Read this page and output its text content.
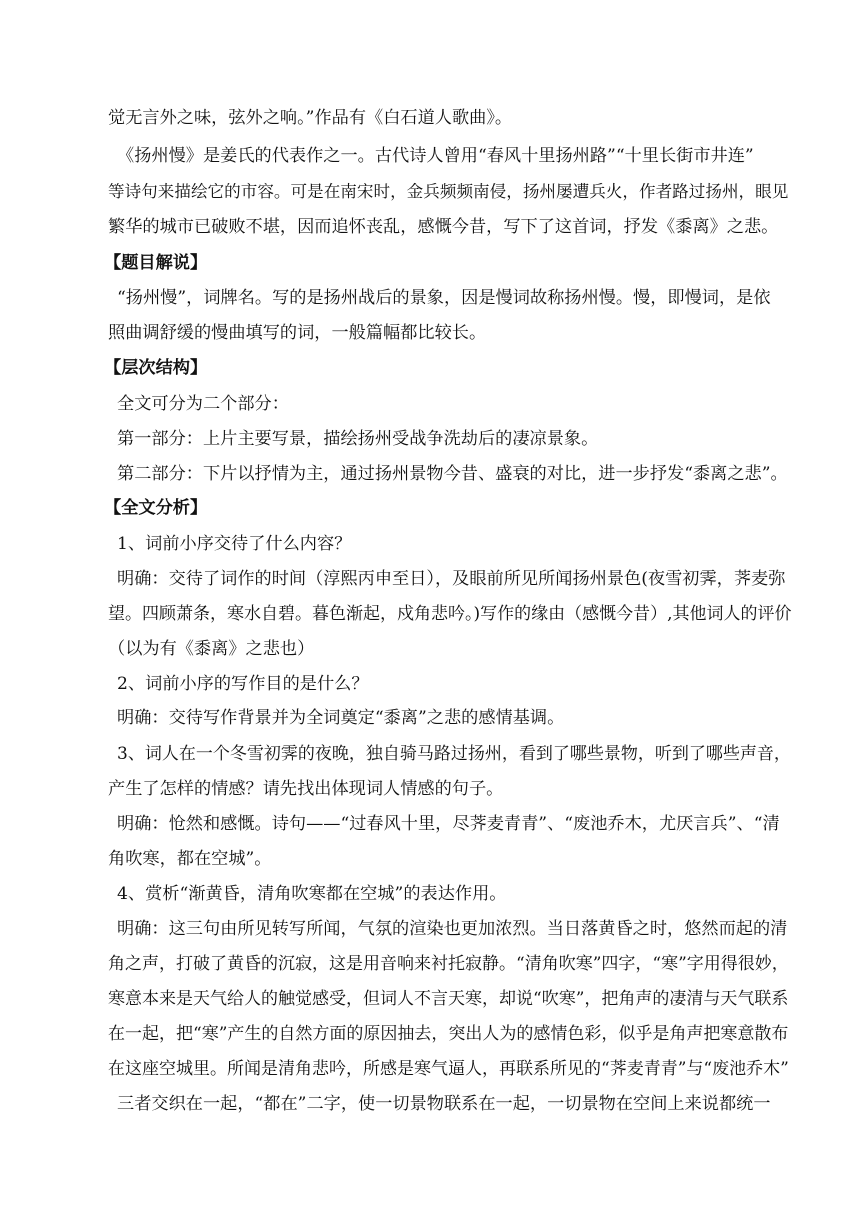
觉无言外之味，弦外之响。”作品有《白石道人歌曲》。
《扬州慢》是姜氏的代表作之一。古代诗人曾用“春风十里扬州路”“十里长街市井连”
等诗句来描绘它的市容。可是在南宋时，金兵频频南侵，扬州屡遭兵火，作者路过扬州，眼见
繁华的城市已破败不堪，因而追怀丧乱，感慨今昔，写下了这首词，抒发《黍离》之悲。
【题目解说】
“扬州慢”，词牌名。写的是扬州战后的景象，因是慢词故称扬州慢。慢，即慢词，是依
照曲调舒缓的慢曲填写的词，一般篇幅都比较长。
【层次结构】
全文可分为二个部分：
第一部分：上片主要写景，描绘扬州受战争洗劫后的凄凉景象。
第二部分：下片以抒情为主，通过扬州景物今昔、盛衰的对比，进一步抒发“黍离之悲”。
【全文分析】
1、词前小序交待了什么内容？
明确：交待了词作的时间（淳熙丙申至日），及眼前所见所闻扬州景色(夜雪初霁，荠麦弥
望。四顾萧条，寒水自碧。暮色渐起，戍角悲吟。)写作的缘由（感慨今昔）,其他词人的评价
（以为有《黍离》之悲也）
2、词前小序的写作目的是什么？
明确：交待写作背景并为全词奠定“黍离”之悲的感情基调。
3、词人在一个冬雪初霁的夜晚，独自骑马路过扬州，看到了哪些景物，听到了哪些声音，
产生了怎样的情感？请先找出体现词人情感的句子。
明确：怆然和感慨。诗句——“过春风十里，尽荠麦青青”、“废池乔木，尤厌言兵”、“清
角吹寒，都在空城”。
4、赏析“渐黄昏，清角吹寒都在空城”的表达作用。
明确：这三句由所见转写所闻，气氛的渲染也更加浓烈。当日落黄昏之时，悠然而起的清
角之声，打破了黄昏的沉寂，这是用音响来衬托寂静。“清角吹寒”四字，“寒”字用得很妙，
寒意本来是天气给人的触觉感受，但词人不言天寒，却说“吹寒”，把角声的凄清与天气联系
在一起，把“寒”产生的自然方面的原因抽去，突出人为的感情色彩，似乎是角声把寒意散布
在这座空城里。所闻是清角悲吟，所感是寒气逼人，再联系所见的“荠麦青青”与“废池乔木”
三者交织在一起，“都在”二字，使一切景物联系在一起，一切景物在空间上来说都统一
